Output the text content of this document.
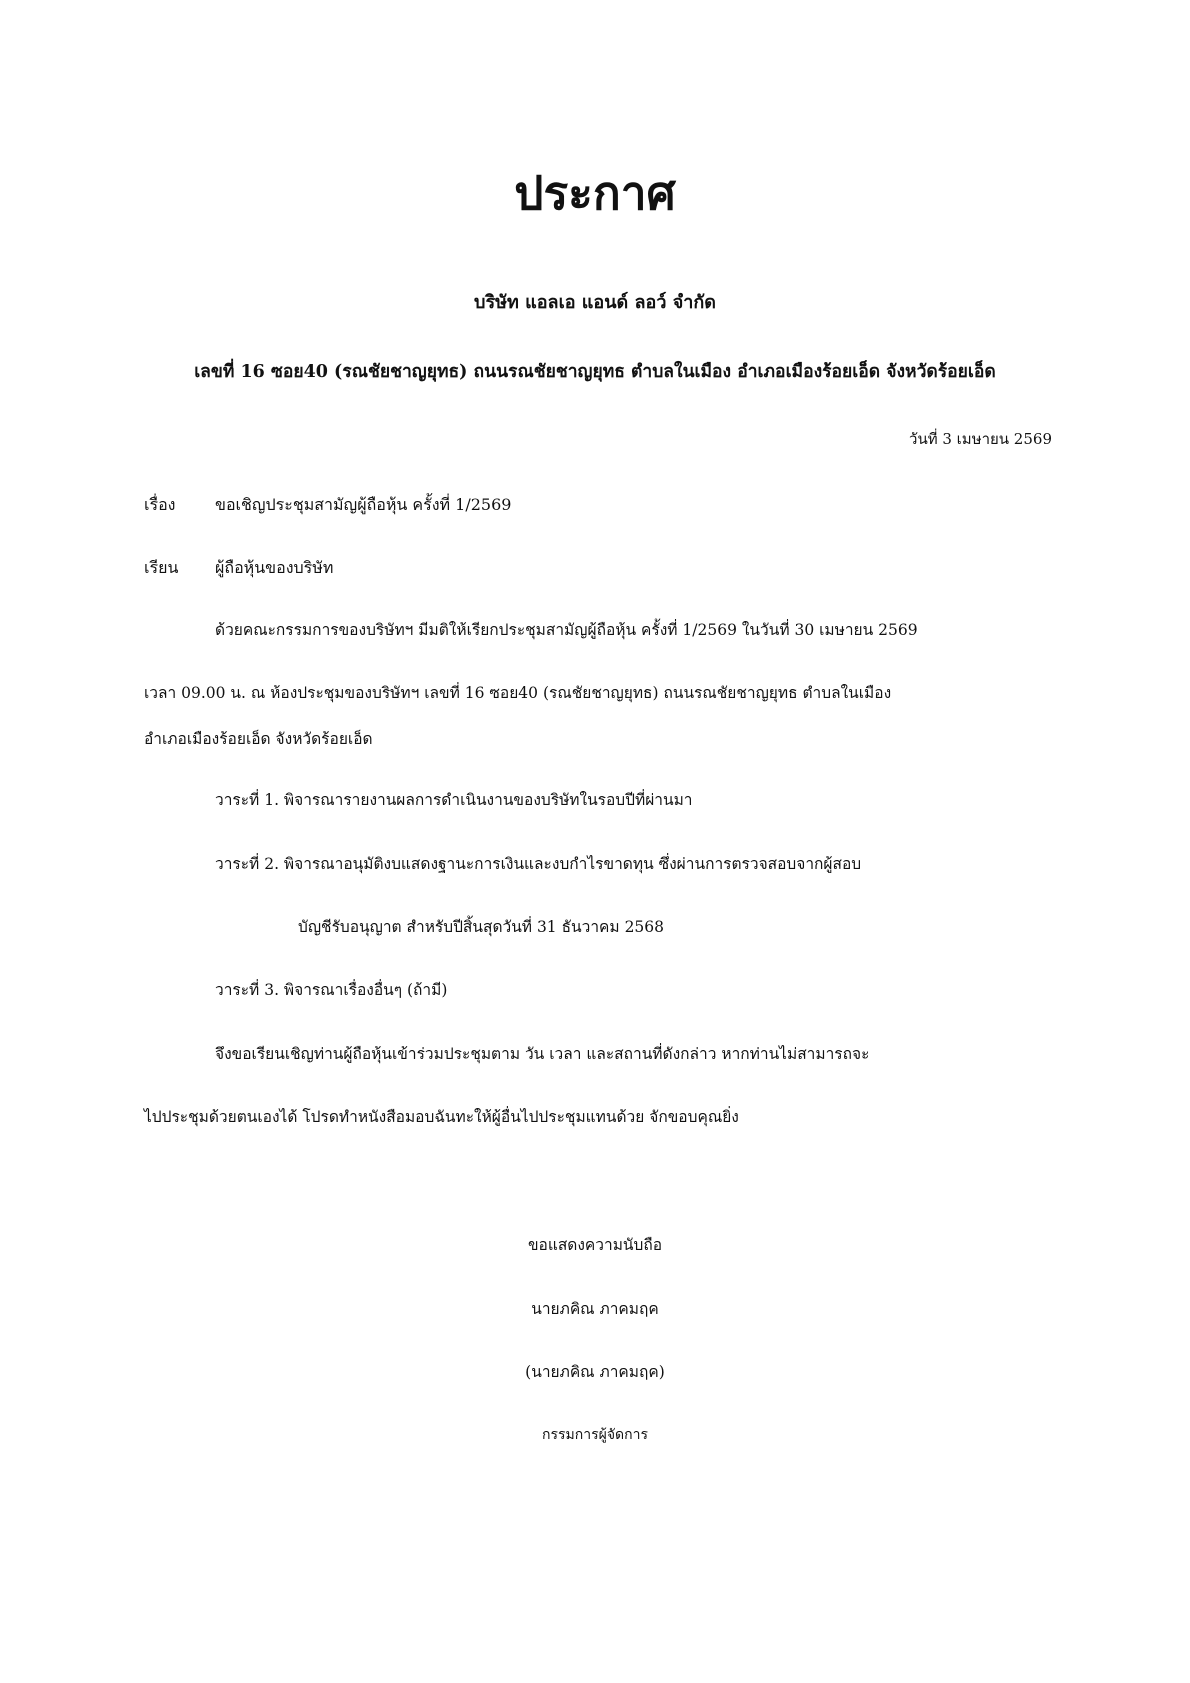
ประกาศ
บริษัท แอลเอ แอนด์ ลอว์ จำกัด
เลขที่ 16 ซอย40 (รณชัยชาญยุทธ) ถนนรณชัยชาญยุทธ ตำบลในเมือง อำเภอเมืองร้อยเอ็ด จังหวัดร้อยเอ็ด
วันที่ 3 เมษายน 2569
เรื่อง ขอเชิญประชุมสามัญผู้ถือหุ้น ครั้งที่ 1/2569
เรียน ผู้ถือหุ้นของบริษัท
ด้วยคณะกรรมการของบริษัทฯ มีมติให้เรียกประชุมสามัญผู้ถือหุ้น ครั้งที่ 1/2569 ในวันที่ 30 เมษายน 2569
เวลา 09.00 น. ณ ห้องประชุมของบริษัทฯ เลขที่ 16 ซอย40 (รณชัยชาญยุทธ) ถนนรณชัยชาญยุทธ ตำบลในเมือง
อำเภอเมืองร้อยเอ็ด จังหวัดร้อยเอ็ด
วาระที่ 1. พิจารณารายงานผลการดำเนินงานของบริษัทในรอบปีที่ผ่านมา
วาระที่ 2. พิจารณาอนุมัติงบแสดงฐานะการเงินและงบกำไรขาดทุน ซึ่งผ่านการตรวจสอบจากผู้สอบ
บัญชีรับอนุญาต สำหรับปีสิ้นสุดวันที่ 31 ธันวาคม 2568
วาระที่ 3. พิจารณาเรื่องอื่นๆ (ถ้ามี)
จึงขอเรียนเชิญท่านผู้ถือหุ้นเข้าร่วมประชุมตาม วัน เวลา และสถานที่ดังกล่าว หากท่านไม่สามารถจะ
ไปประชุมด้วยตนเองได้ โปรดทำหนังสือมอบฉันทะให้ผู้อื่นไปประชุมแทนด้วย จักขอบคุณยิ่ง
ขอแสดงความนับถือ
นายภคิณ ภาคมฤค
(นายภคิณ ภาคมฤค)
กรรมการผู้จัดการ
